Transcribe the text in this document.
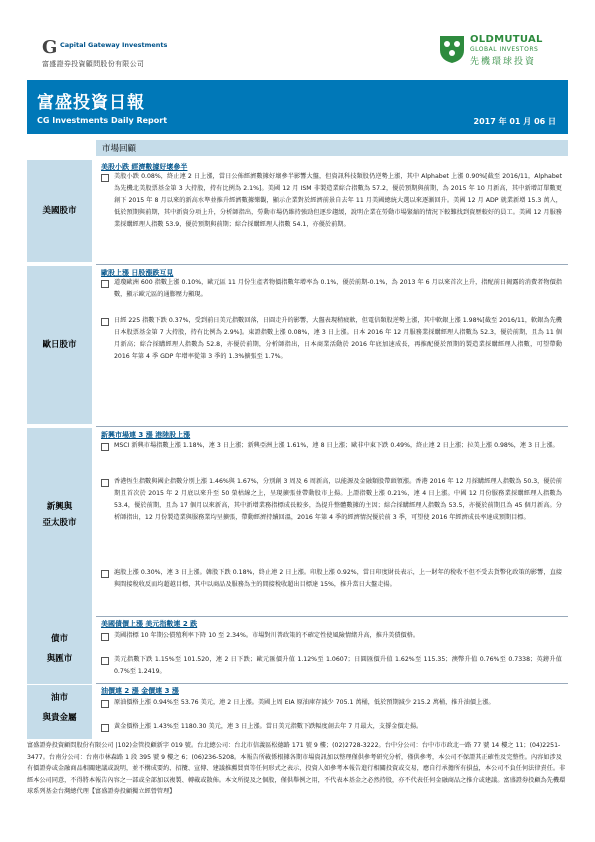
G Capital Gateway Investments
富盛證券投資顧問股份有限公司
OLDMUTUAL
GLOBAL INVESTORS
先機環球投資
富盛投資日報
CG Investments Daily Report	2017 年 01 月 06 日
市場回顧
美國股市
美股小跌 經濟數據好壞參半
美股小跌 0.08%，終止連 2 日上漲，當日公佈經濟數據好壞參半影響大盤，但資訊科技類股仍逆勢上漲，其中 Alphabet 上漲 0.90%[截至 2016/11，Alphabet 為先機北美股票基金第 3 大持股，持有比例為 2.1%]。美國 12 月 ISM 非製造業綜合指數為 57.2，優於預期與前期，為 2015 年 10 月新高，其中新增訂單數更創下 2015 年 8 月以來的新高水準並推升經濟數據樂觀，顯示企業對於經濟前景自去年 11 月美國總統大選以來逐漸回升。美國 12 月 ADP 就業新增 15.3 萬人，低於預期與前期，其中新資分項上升，分析師指出，勞動市場仍維持強勁但逐步趨緩，說明企業在勞動市場緊縮的情況下較難找到資歷較好的員工。美國 12 月服務業採購經理人指數 53.9，優於預期與前期；綜合採購經理人指數 54.1，亦優於前期。
歐日股市
歐股上漲 日股漲跌互見
道瓊歐洲 600 指數上漲 0.10%，歐元區 11 月份生產者物價指數年增率為 0.1%，優於前期-0.1%，為 2013 年 6 月以來首次上升，指配前日揭露的消費者物價指數，顯示歐元區的通膨壓力顯現。
日經 225 指數下跌 0.37%，受到前日美元指數回落，日圓走升的影響，大盤表現稍疲軟，但電信類股逆勢上漲，其中軟銀上漲 1.98%[截至 2016/11，軟銀為先機日本股票基金第 7 大持股，持有比例為 2.9%]。東證指數上漲 0.08%，連 3 日上漲。日本 2016 年 12 月服務業採購經理人指數為 52.3，優於前期，且為 11 個月新高；綜合採購經理人指數為 52.8，亦優於前期，分析師指出，日本商業活動於 2016 年底加速成長，再推配優於預期的製造業採購經理人指數，可望帶動 2016 年第 4 季 GDP 年增率從第 3 季的 1.3%擴張至 1.7%。
新興與
亞太股市
新興市場連 3 漲 港陸股上漲
MSCI 新興市場指數上漲 1.18%，連 3 日上漲；新興亞洲上漲 1.61%，連 8 日上漲；歐非中東下跌 0.49%，終止連 2 日上漲；拉美上漲 0.98%，連 3 日上漲。
香港恆生指數與國企指數分別上漲 1.46%與 1.67%，分別創 3 周及 6 周新高，以能源及金融類股帶頭領漲。香港 2016 年 12 月採購經理人指數為 50.3，優於前期且首次於 2015 年 2 月底以來升至 50 榮枯線之上，呈現擴張並帶動股市上揚。上證指數上漲 0.21%，連 4 日上漲。中國 12 月份服務業採購經理人指數為 53.4，優於前期，且為 17 個月以來新高，其中新增業務指標成長較多，為提升整體數據的主因；綜合採購經理人指數為 53.5，亦優於前期且為 45 個月新高。分析師指出，12 月份製造業與服務業均呈擴張，帶動經濟持續回溫，2016 年第 4 季的經濟情況優於前 3 季，可望使 2016 年經濟成長率達成預期目標。
滬股上漲 0.30%，連 3 日上漲。韓股下跌 0.18%，終止連 2 日上漲。印股上漲 0.92%，當日印度財長表示，上一財年的稅收不但不受去貨幣化政策的影響，直接與間接稅收反而均超越目標，其中以商品及服務為主的間接稅收超出目標達 15%，推升當日大盤走揚。
債市
與匯市
美國債價上漲 美元指數連 2 跌
美國指標 10 年期公債殖利率下降 10 至 2.34%。市場對川普政策的不確定性使風險情緒升高，推升美債價格。
美元指數下跌 1.15%至 101.520，連 2 日下跌；歐元匯價升值 1.12%至 1.0607；日圓匯價升值 1.62%至 115.35；澳幣升值 0.76%至 0.7338；英鎊升值 0.7%至 1.2419。
油市
與貴金屬
油價連 2 漲 金價連 3 漲
原油價格上漲 0.94%至 53.76 美元，連 2 日上漲。美國上周 EIA 原油庫存減少 705.1 萬桶，低於預期減少 215.2 萬桶，推升油價上漲。
黃金價格上漲 1.43%至 1180.30 美元，連 3 日上漲。當日美元指數下跌幅度創去年 7 月最大，支撐金價走揚。
富盛證券投資顧問股份有限公司 |102)金管投顧新字 019 號。台北總公司：台北市信義區松德路 171 號 9 樓；(02)2728-3222。台中分公司：台中市市政北一路 77 號 14 樓之 11；(04)2251-3477。台南分公司：台南市林森路 1 段 395 號 9 樓之 6；(06)236-5208。本報告所載係根據各期市場資訊加以整理僅供參考研究分析，僅供參考，本公司不保證其正確性及完整性。內容如涉及有價證券或金融商品相關建議或說明，並不構成要約、招攬、宣傳、建議推薦買賣等任何形式之表示，投資人如參考本報告進行相關投資或交易，應自行承擔所有損益，本公司不負任何法律責任。非經本公司同意，不得將本報告內容之一部或全部加以複製、轉載或散佈。本文所提及之個股，僅供舉例之用，不代表本基金之必然持股，亦不代表任何金融商品之推介或建議。富盛證券投顧為先機環球系列基金台灣總代理【富盛證券投顧獨立經營管理】
